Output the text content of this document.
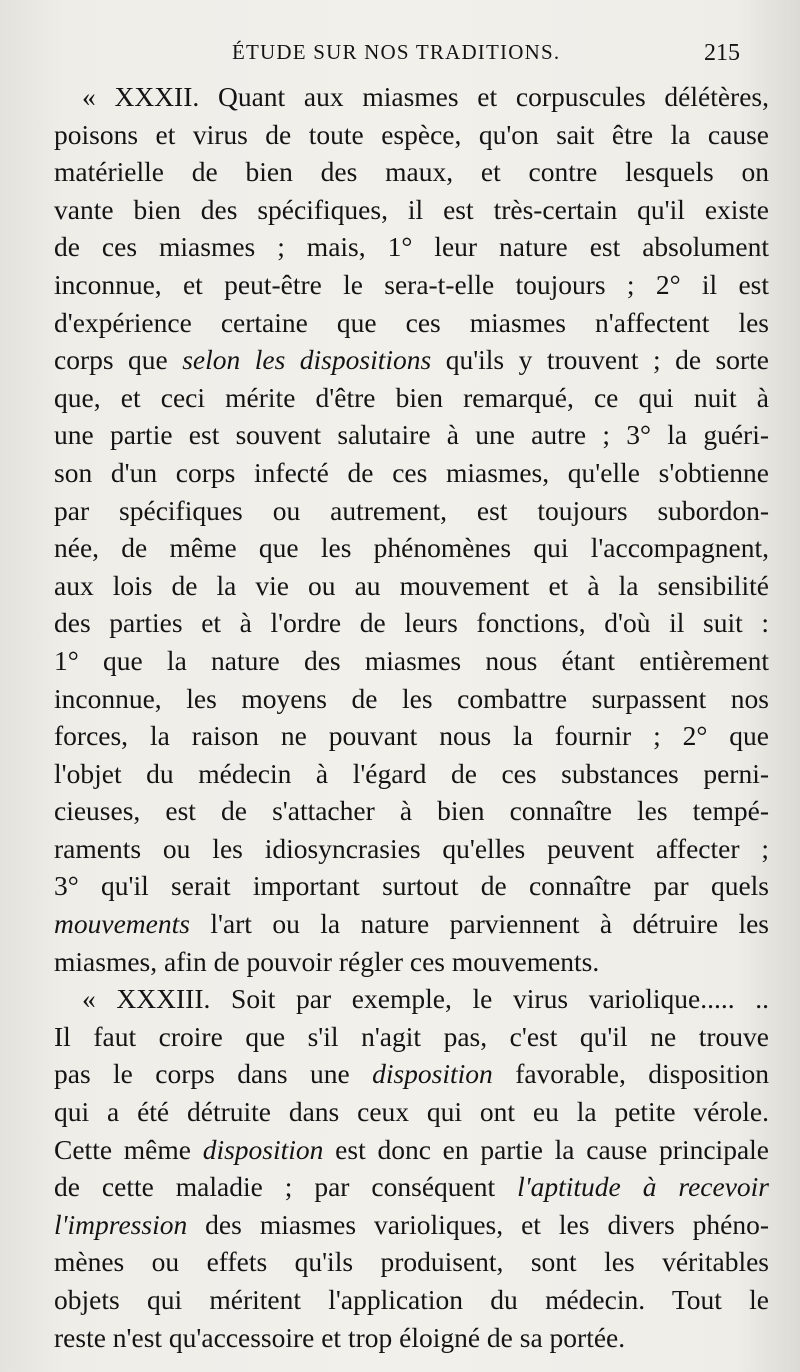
ÉTUDE SUR NOS TRADITIONS.	215
« XXXII. Quant aux miasmes et corpuscules délétères,
poisons et virus de toute espèce, qu'on sait être la cause
matérielle de bien des maux, et contre lesquels on
vante bien des spécifiques, il est très-certain qu'il existe
de ces miasmes ; mais, 1° leur nature est absolument
inconnue, et peut-être le sera-t-elle toujours ; 2° il est
d'expérience certaine que ces miasmes n'affectent les
corps que selon les dispositions qu'ils y trouvent ; de sorte
que, et ceci mérite d'être bien remarqué, ce qui nuit à
une partie est souvent salutaire à une autre ; 3° la guéri-
son d'un corps infecté de ces miasmes, qu'elle s'obtienne
par spécifiques ou autrement, est toujours subordon-
née, de même que les phénomènes qui l'accompagnent,
aux lois de la vie ou au mouvement et à la sensibilité
des parties et à l'ordre de leurs fonctions, d'où il suit :
1° que la nature des miasmes nous étant entièrement
inconnue, les moyens de les combattre surpassent nos
forces, la raison ne pouvant nous la fournir ; 2° que
l'objet du médecin à l'égard de ces substances perni-
cieuses, est de s'attacher à bien connaître les tempé-
raments ou les idiosyncrasies qu'elles peuvent affecter ;
3° qu'il serait important surtout de connaître par quels
mouvements l'art ou la nature parviennent à détruire les
miasmes, afin de pouvoir régler ces mouvements.
« XXXIII. Soit par exemple, le virus variolique..... ..
Il faut croire que s'il n'agit pas, c'est qu'il ne trouve
pas le corps dans une disposition favorable, disposition
qui a été détruite dans ceux qui ont eu la petite vérole.
Cette même disposition est donc en partie la cause principale
de cette maladie ; par conséquent l'aptitude à recevoir
l'impression des miasmes varioliques, et les divers phéno-
mènes ou effets qu'ils produisent, sont les véritables
objets qui méritent l'application du médecin. Tout le
reste n'est qu'accessoire et trop éloigné de sa portée.
